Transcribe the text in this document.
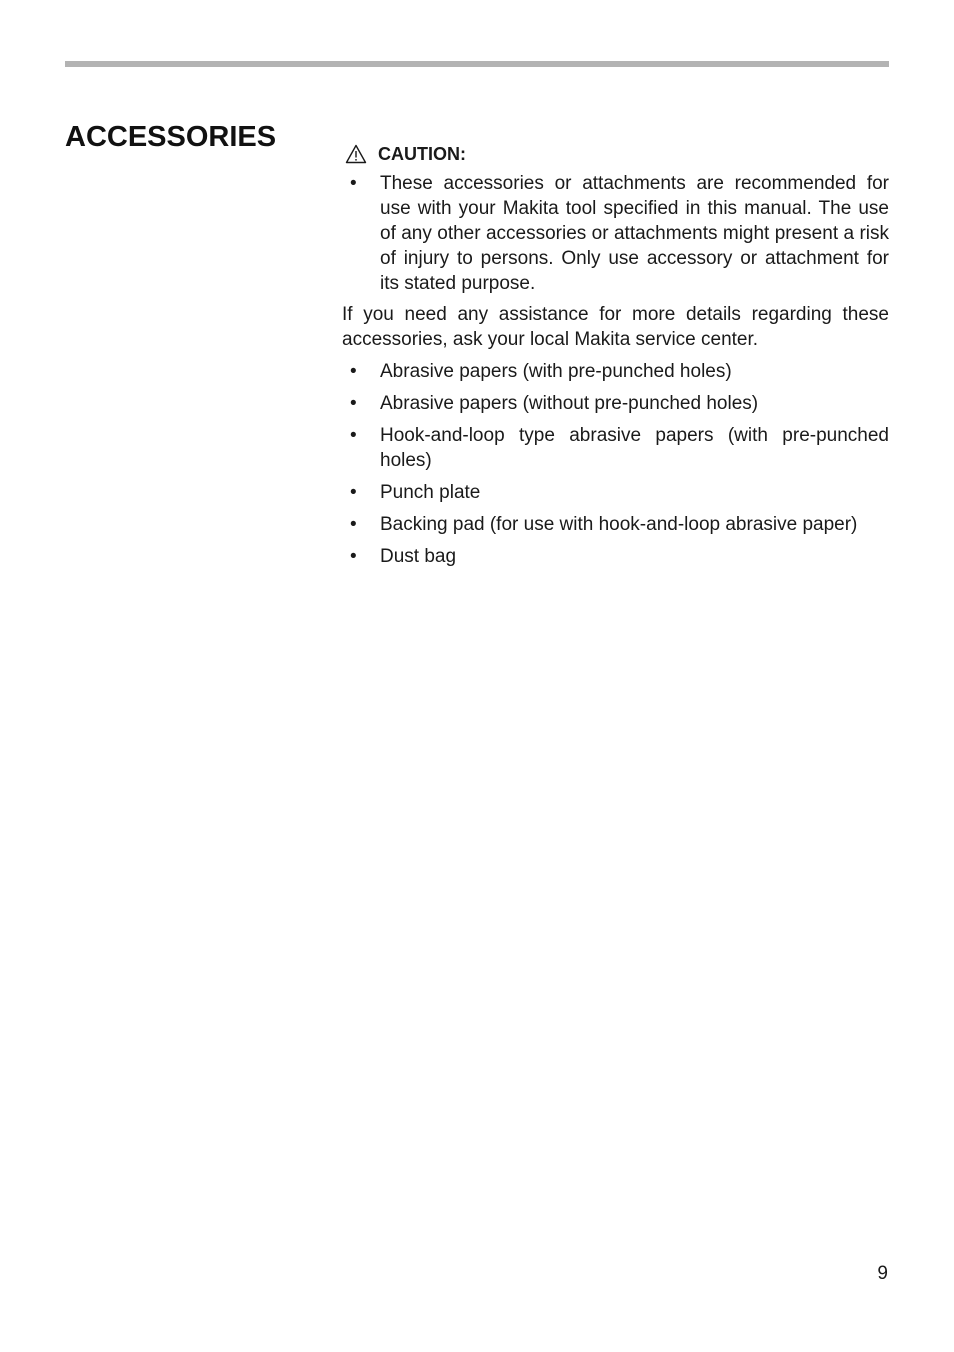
ACCESSORIES
CAUTION:
• These accessories or attachments are recommended for use with your Makita tool specified in this manual. The use of any other accessories or attachments might present a risk of injury to persons. Only use accessory or attachment for its stated purpose.

If you need any assistance for more details regarding these accessories, ask your local Makita service center.

• Abrasive papers (with pre-punched holes)
• Abrasive papers (without pre-punched holes)
• Hook-and-loop type abrasive papers (with pre-punched holes)
• Punch plate
• Backing pad (for use with hook-and-loop abrasive paper)
• Dust bag
9
